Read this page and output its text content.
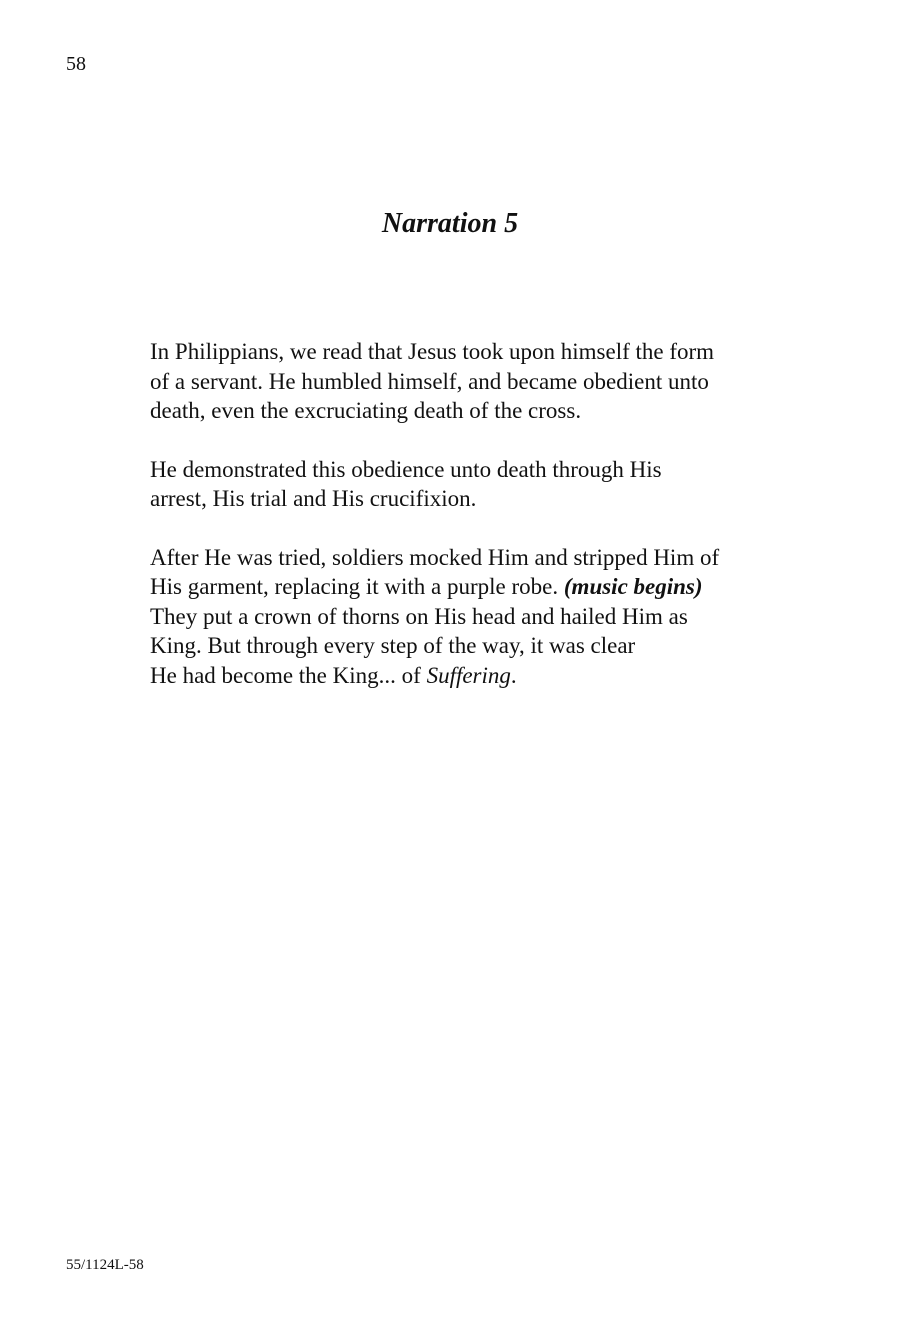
58
Narration 5

In Philippians, we read that Jesus took upon himself the form
of a servant. He humbled himself, and became obedient unto
death, even the excruciating death of the cross.

He demonstrated this obedience unto death through His
arrest, His trial and His crucifixion.

After He was tried, soldiers mocked Him and stripped Him of
His garment, replacing it with a purple robe. (music begins)
They put a crown of thorns on His head and hailed Him as
King. But through every step of the way, it was clear
He had become the King... of Suffering.

55/1124L-58
